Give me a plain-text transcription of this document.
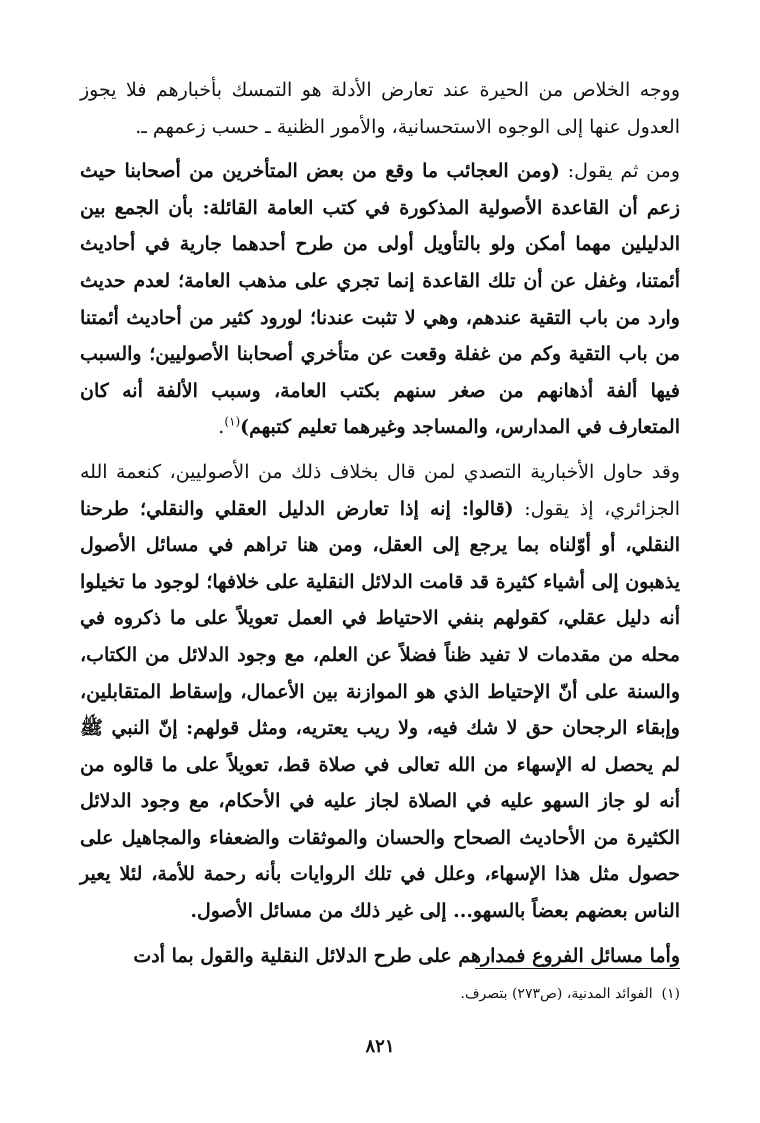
ووجه الخلاص من الحيرة عند تعارض الأدلة هو التمسك بأخبارهم فلا يجوز العدول عنها إلى الوجوه الاستحسانية، والأمور الظنية ـ حسب زعمهم ـ.

ومن ثم يقول: (ومن العجائب ما وقع من بعض المتأخرين من أصحابنا حيث زعم أن القاعدة الأصولية المذكورة في كتب العامة القائلة: بأن الجمع بين الدليلين مهما أمكن ولو بالتأويل أولى من طرح أحدهما جارية في أحاديث أئمتنا، وغفل عن أن تلك القاعدة إنما تجري على مذهب العامة؛ لعدم حديث وارد من باب التقية عندهم، وهي لا تثبت عندنا؛ لورود كثير من أحاديث أئمتنا من باب التقية وكم من غفلة وقعت عن متأخري أصحابنا الأصوليين؛ والسبب فيها ألفة أذهانهم من صغر سنهم بكتب العامة، وسبب الألفة أنه كان المتعارف في المدارس، والمساجد وغيرهما تعليم كتبهم)$^{(١)}$.

وقد حاول الأخبارية التصدي لمن قال بخلاف ذلك من الأصوليين، كنعمة الله الجزائري، إذ يقول: (قالوا: إنه إذا تعارض الدليل العقلي والنقلي؛ طرحنا النقلي، أو أوّلناه بما يرجع إلى العقل، ومن هنا تراهم في مسائل الأصول يذهبون إلى أشياء كثيرة قد قامت الدلائل النقلية على خلافها؛ لوجود ما تخيلوا أنه دليل عقلي، كقولهم بنفي الاحتياط في العمل تعويلاً على ما ذكروه في محله من مقدمات لا تفيد ظناً فضلاً عن العلم، مع وجود الدلائل من الكتاب، والسنة على أنّ الإحتياط الذي هو الموازنة بين الأعمال، وإسقاط المتقابلين، وإبقاء الرجحان حق لا شك فيه، ولا ريب يعتريه، ومثل قولهم: إنّ النبي ﷺ لم يحصل له الإسهاء من الله تعالى في صلاة قط، تعويلاً على ما قالوه من أنه لو جاز السهو عليه في الصلاة لجاز عليه في الأحكام، مع وجود الدلائل الكثيرة من الأحاديث الصحاح والحسان والموثقات والضعفاء والمجاهيل على حصول مثل هذا الإسهاء، وعلل في تلك الروايات بأنه رحمة للأمة، لئلا يعير الناس بعضهم بعضاً بالسهو... إلى غير ذلك من مسائل الأصول.

وأما مسائل الفروع فمدارهم على طرح الدلائل النقلية والقول بما أدت

(١)  الفوائد المدنية، (ص٢٧٣) بتصرف.
٨٢١
